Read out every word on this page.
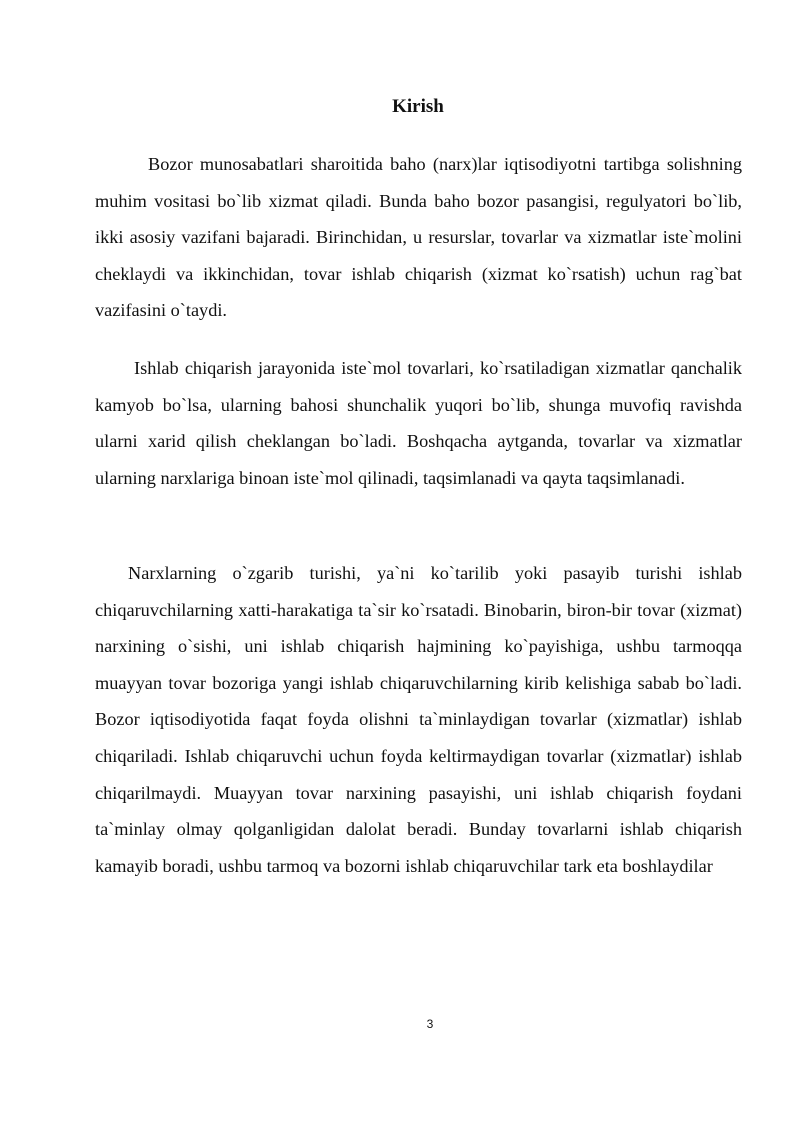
Kirish

Bozor munosabatlari sharoitida baho (narx)lar iqtisodiyotni tartibga solishning muhim vositasi bo`lib xizmat qiladi. Bunda baho bozor pasangisi, regulyatori bo`lib, ikki asosiy vazifani bajaradi. Birinchidan, u resurslar, tovarlar va xizmatlar iste`molini cheklaydi va ikkinchidan, tovar ishlab chiqarish (xizmat ko`rsatish) uchun rag`bat vazifasini o`taydi.

Ishlab chiqarish jarayonida iste`mol tovarlari, ko`rsatiladigan xizmatlar qanchalik kamyob bo`lsa, ularning bahosi shunchalik yuqori bo`lib, shunga muvofiq ravishda ularni xarid qilish cheklangan bo`ladi. Boshqacha aytganda, tovarlar va xizmatlar ularning narxlariga binoan iste`mol qilinadi, taqsimlanadi va qayta taqsimlanadi.

Narxlarning o`zgarib turishi, ya`ni ko`tarilib yoki pasayib turishi ishlab chiqaruvchilarning xatti-harakatiga ta`sir ko`rsatadi. Binobarin, biron-bir tovar (xizmat) narxining o`sishi, uni ishlab chiqarish hajmining ko`payishiga, ushbu tarmoqqa muayyan tovar bozoriga yangi ishlab chiqaruvchilarning kirib kelishiga sabab bo`ladi. Bozor iqtisodiyotida faqat foyda olishni ta`minlaydigan tovarlar (xizmatlar) ishlab chiqariladi. Ishlab chiqaruvchi uchun foyda keltirmaydigan tovarlar (xizmatlar) ishlab chiqarilmaydi. Muayyan tovar narxining pasayishi, uni ishlab chiqarish foydani ta`minlay olmay qolganligidan dalolat beradi. Bunday tovarlarni ishlab chiqarish kamayib boradi, ushbu tarmoq va bozorni ishlab chiqaruvchilar tark eta boshlaydilar

3
